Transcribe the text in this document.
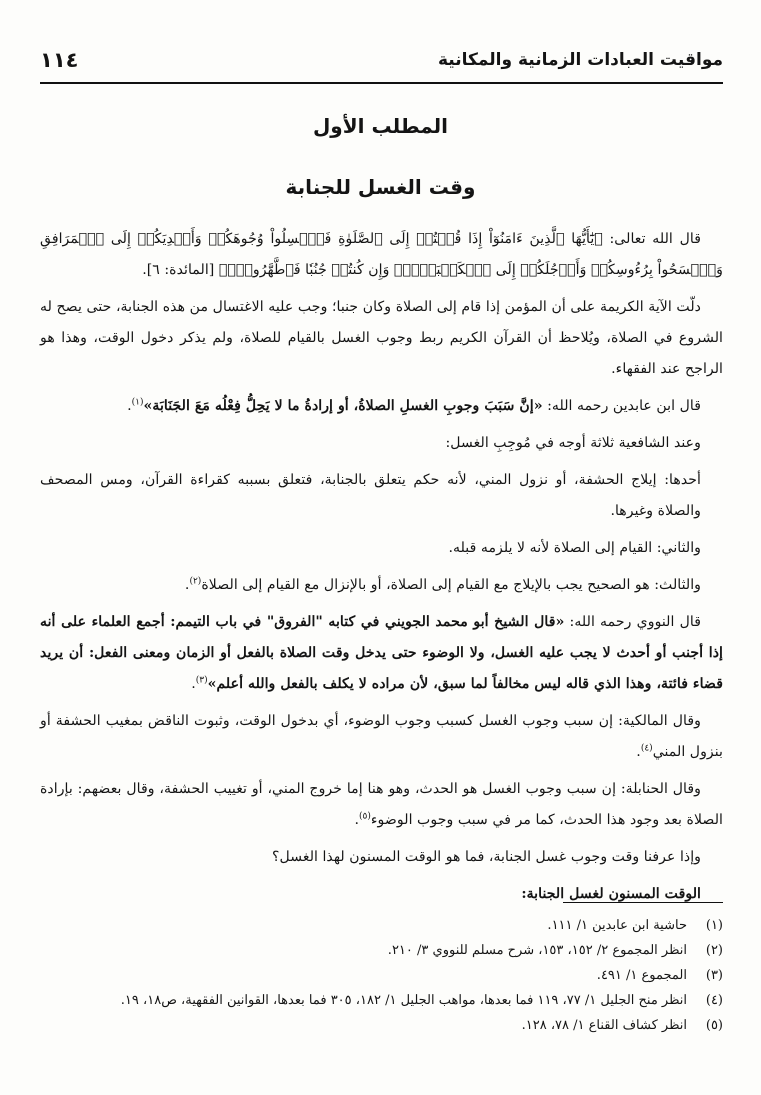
١١٤	مواقيت العبادات الزمانية والمكانية
المطلب الأول
وقت الغسل للجنابة

قال الله تعالى: ﴿يَٰٓأَيُّهَا ٱلَّذِينَ ءَامَنُوٓاْ إِذَا قُمۡتُمۡ إِلَى ٱلصَّلَوٰةِ فَٱغۡسِلُواْ وُجُوهَكُمۡ وَأَيۡدِيَكُمۡ إِلَى ٱلۡمَرَافِقِ وَٱمۡسَحُواْ بِرُءُوسِكُمۡ وَأَرۡجُلَكُمۡ إِلَى ٱلۡكَعۡبَيۡنِۚ وَإِن كُنتُمۡ جُنُبٗا فَٱطَّهَّرُواْۚ﴾ [المائدة: ٦].

دلّت الآية الكريمة على أن المؤمن إذا قام إلى الصلاة وكان جنبا؛ وجب عليه الاغتسال من هذه الجنابة، حتى يصح له الشروع في الصلاة، ويُلاحظ أن القرآن الكريم ربط وجوب الغسل بالقيام للصلاة، ولم يذكر دخول الوقت، وهذا هو الراجح عند الفقهاء.

قال ابن عابدين رحمه الله: «إنَّ سَبَبَ وجوبِ الغسلِ الصلاةُ، أو إرادةُ ما لا يَحِلُّ فِعْلُه مَعَ الجَنَابَة»$^{(١)}$.

وعند الشافعية ثلاثة أوجه في مُوجِبِ الغسل:

أحدها: إيلاج الحشفة، أو نزول المني، لأنه حكم يتعلق بالجنابة، فتعلق بسببه كقراءة القرآن، ومس المصحف والصلاة وغيرها.

والثاني: القيام إلى الصلاة لأنه لا يلزمه قبله.

والثالث: هو الصحيح يجب بالإيلاج مع القيام إلى الصلاة، أو بالإنزال مع القيام إلى الصلاة$^{(٢)}$.

قال النووي رحمه الله: «قال الشيخ أبو محمد الجويني في كتابه "الفروق" في باب التيمم: أجمع العلماء على أنه إذا أجنب أو أحدث لا يجب عليه الغسل، ولا الوضوء حتى يدخل وقت الصلاة بالفعل أو الزمان ومعنى الفعل: أن يريد قضاء فائتة، وهذا الذي قاله ليس مخالفاً لما سبق، لأن مراده لا يكلف بالفعل والله أعلم»$^{(٣)}$.

وقال المالكية: إن سبب وجوب الغسل كسبب وجوب الوضوء، أي بدخول الوقت، وثبوت الناقض بمغيب الحشفة أو بنزول المني$^{(٤)}$.

وقال الحنابلة: إن سبب وجوب الغسل هو الحدث، وهو هنا إما خروج المني، أو تغييب الحشفة، وقال بعضهم: بإرادة الصلاة بعد وجود هذا الحدث، كما مر في سبب وجوب الوضوء$^{(٥)}$.

وإذا عرفنا وقت وجوب غسل الجنابة، فما هو الوقت المسنون لهذا الغسل؟

الوقت المسنون لغسل الجنابة:

(١)
حاشية ابن عابدين ١/ ١١١.
(٢)
انظر المجموع ٢/ ١٥٢، ١٥٣، شرح مسلم للنووي ٣/ ٢١٠.
(٣)
المجموع ١/ ٤٩١.
(٤)
انظر منح الجليل ١/ ٧٧، ١١٩ فما بعدها، مواهب الجليل ١/ ١٨٢، ٣٠٥ فما بعدها، القوانين الفقهية، ص١٨، ١٩.
(٥)
انظر كشاف القناع ١/ ٧٨، ١٢٨.
